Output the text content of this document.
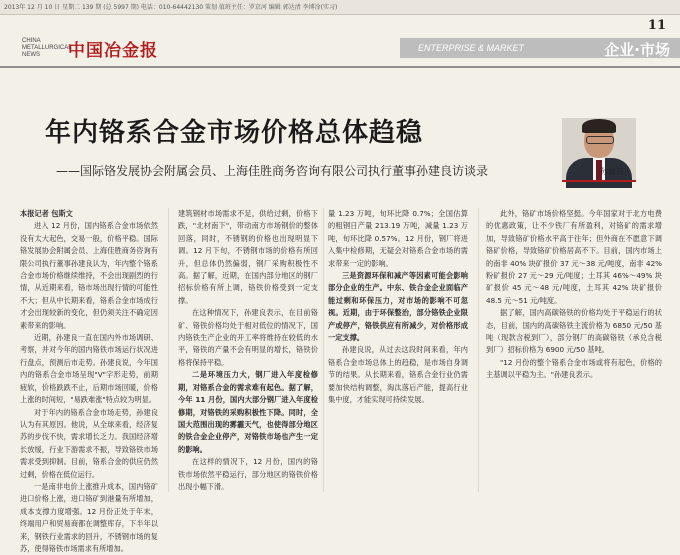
2013年 12 月 10 日 星期二 139 期 (总 5997 期) 电话：010-64442130 策划 值班主任：罗京河 编辑 郭达清 李博淦(实习)
11
CHINA
METALLURGICAL
NEWS	中国冶金报	ENTERPRISE & MARKET	企业·市场
年内铬系合金市场价格总体趋稳
——国际铬发展协会附属会员、上海佳胜商务咨询有限公司执行董事孙建良访谈录	孙建良

本报记者 包斯文

进入 12 月份，国内铬系合金市场依然没有太大起色，交易一般，价格平稳。国际铬发展协会附属会员、上海佳胜商务咨询有限公司执行董事孙建良认为，年内整个铬系合金市场价格继续维持，不会出现剧烈的行情，从近期来看，铬市场出现行情的可能性不大；但从中长期来看，铬系合金市场成行才会出现较新的变化，但仍须关注不确定因素带来的影响。

近期，孙建良一直在国内外市场调研、考察，并对今年的国内铬铁市场运行状况进行盘点，预测后市走势。孙建良说，今年国内的铬系合金市场呈现"V"字形走势，前期疲软，价格跌跌不止，后期市场回暖，价格上涨的时间短，"易跌难涨"特点较为明显。

对于年内的铬系合金市场走势，孙建良认为有其原因。他说，从全球来看，经济复苏的步伐不快，需求增长乏力。我国经济增长放缓，行业下游需求不振，导致铬铁市场需求受到抑制。目前，铬系合金的供应仍然过剩，价格在低位运行。

一是南非电价上涨推升成本，国内铬矿进口价格上涨，进口铬矿到港量有所增加，成本支撑力度增强。12 月份正处于年末，终端用户和贸易商都在调整库存，下半年以来，钢铁行业需求的回升，不锈钢市场的复苏，使得铬铁市场需求有所增加。

建筑钢材市场需求不足，供给过剩，价格下跌，"北材南下"，带动南方市场钢价的整体回落，同时，不锈钢的价格也出现明显下调。12 月下旬，不锈钢市场的价格有所回升，但总体仍然偏弱，钢厂采购积极性不高。据了解，近期，在国内部分地区的钢厂招标价格有所上调，铬铁价格受到一定支撑。

在这种情况下，孙建良表示，在目前铬矿、铬铁价格均处于相对低位的情况下，国内铬铁生产企业的开工率将维持在较低的水平，铬铁的产量不会有明显的增长，铬铁价格将保持平稳。

二是环境压力大，钢厂进入年度检修期，对铬系合金的需求难有起色。据了解，今年 11 月份，国内大部分钢厂进入年度检修期，对铬铁的采购积极性下降。同时，全国大范围出现的雾霾天气，也使得部分地区的铁合金企业停产，对铬铁市场也产生一定的影响。

在这样的情况下，12 月份，国内的铬铁市场依然平稳运行，部分地区的铬铁价格出现小幅下滑。

量 1.23 万吨，旬环比降 0.7%；全国估算的粗钢日产量 213.19 万吨，减量 1.23 万吨，旬环比降 0.57%。12 月份，钢厂将进入集中检修期，无疑会对铬系合金市场的需求带来一定的影响。

三是资源环保和减产等因素可能会影响部分企业的生产。中东、铁合金企业面临产能过剩和环保压力，对市场的影响不可忽视。近期，由于环保整治，部分铬铁企业限产或停产，铬铁供应有所减少，对价格形成一定支撑。

孙建良说，从过去这段时间来看，年内铬系合金市场总体上的趋稳，是市场自身调节的结果。从长期来看，铬系合金行业仍需要加快结构调整，淘汰落后产能，提高行业集中度，才能实现可持续发展。

此外，铬矿市场价格坚挺。今年国家对于北方电费的优惠政策，让不少铁厂有所盈利，对铬矿的需求增加，导致铬矿价格水平高于往年；但外商在不愿意下调铬矿价格，导致铬矿价格居高不下。目前，国内市场上的南非 40% 块矿报价 37 元～38 元/吨度，南非 42% 粉矿报价 27 元～29 元/吨度；土耳其 46%～49% 块矿报价 45 元～48 元/吨度，土耳其 42% 块矿报价 48.5 元～51 元/吨度。

据了解，国内高碳铬铁的价格均处于平稳运行的状态，目前，国内的高碳铬铁主流价格为 6850 元/50 基吨（现款含税到厂），部分钢厂的高碳铬铁（承兑含税到厂）招标价格为 6900 元/50 基吨。

"12 月份的整个铬系合金市场或将有起色，价格的主基调以平稳为主。"孙建良表示。
